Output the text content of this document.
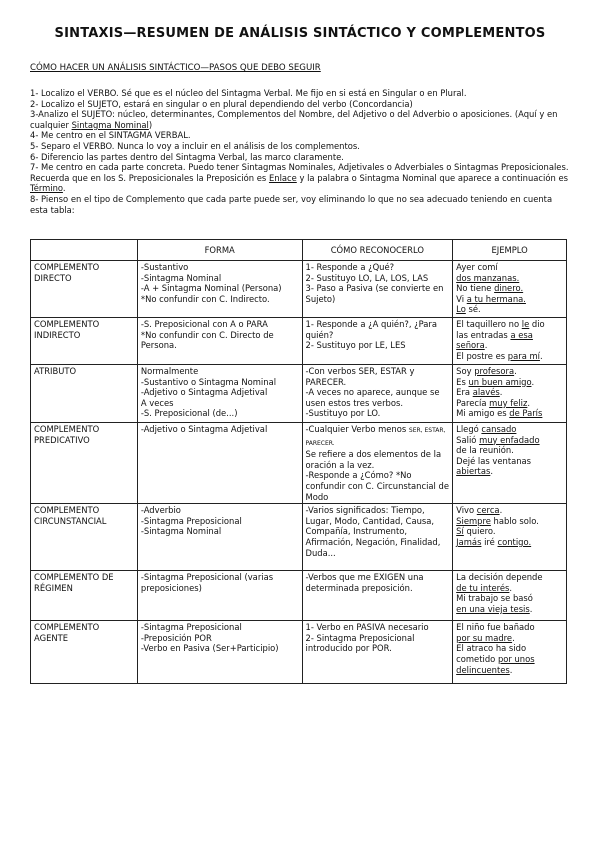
SINTAXIS—RESUMEN DE ANÁLISIS SINTÁCTICO Y COMPLEMENTOS
CÓMO HACER UN ANÁLISIS SINTÁCTICO—PASOS QUE DEBO SEGUIR

1- Localizo el VERBO. Sé que es el núcleo del Sintagma Verbal. Me fijo en si está en Singular o en Plural.

2- Localizo el SUJETO, estará en singular o en plural dependiendo del verbo (Concordancia)

3-Analizo el SUJETO: núcleo, determinantes, Complementos del Nombre, del Adjetivo o del Adverbio o aposiciones. (Aquí y en cualquier Sintagma Nominal)

4- Me centro en el SINTAGMA VERBAL.

5- Separo el VERBO. Nunca lo voy a incluir en el análisis de los complementos.

6- Diferencio las partes dentro del Sintagma Verbal, las marco claramente.

7- Me centro en cada parte concreta. Puedo tener Sintagmas Nominales, Adjetivales o Adverbiales o Sintagmas Preposicionales. Recuerda que en los S. Preposicionales la Preposición es Enlace y la palabra o Sintagma Nominal que aparece a continuación es Término.

8- Pienso en el tipo de Complemento que cada parte puede ser, voy eliminando lo que no sea adecuado teniendo en cuenta esta tabla:

	FORMA	CÓMO RECONOCERLO	EJEMPLO
COMPLEMENTO DIRECTO	-Sustantivo
-Sintagma Nominal
-A + Sintagma Nominal (Persona)
*No confundir con C. Indirecto.	1- Responde a ¿Qué?
2- Sustituyo LO, LA, LOS, LAS
3- Paso a Pasiva (se convierte en Sujeto)	Ayer comí
dos manzanas.
No tiene dinero.
Vi a tu hermana.
Lo sé.

COMPLEMENTO INDIRECTO	-S. Preposicional con A o PARA
*No confundir con C. Directo de Persona.	1- Responde a ¿A quién?, ¿Para quién?
2- Sustituyo por LE, LES	El taquillero no le dio
las entradas a esa
señora.
El postre es para mí.

ATRIBUTO	Normalmente
-Sustantivo o Sintagma Nominal
-Adjetivo o Sintagma Adjetival
A veces
-S. Preposicional (de...)	-Con verbos SER, ESTAR y PARECER.
-A veces no aparece, aunque se usen estos tres verbos.
-Sustituyo por LO.	Soy profesora.
Es un buen amigo.
Era alavés.
Parecía muy feliz.
Mi amigo es de París

COMPLEMENTO PREDICATIVO	-Adjetivo o Sintagma Adjetival	-Cualquier Verbo menos SER, ESTAR, PARECER.
Se refiere a dos elementos de la oración a la vez.
-Responde a ¿Cómo? *No confundir con C. Circunstancial de Modo	Llegó cansado
Salió muy enfadado
de la reunión.
Dejé las ventanas
abiertas.

COMPLEMENTO CIRCUNSTANCIAL	-Adverbio
-Sintagma Preposicional
-Sintagma Nominal	-Varios significados: Tiempo, Lugar, Modo, Cantidad, Causa, Compañía, Instrumento, Afirmación, Negación, Finalidad, Duda...	Vivo cerca.
Siempre hablo solo.
Sí quiero.
Jamás iré contigo.

COMPLEMENTO DE RÉGIMEN	-Sintagma Preposicional (varias preposiciones)	-Verbos que me EXIGEN una determinada preposición.	La decisión depende
de tu interés.
Mi trabajo se basó
en una vieja tesis.

COMPLEMENTO AGENTE	-Sintagma Preposicional
-Preposición POR
-Verbo en Pasiva (Ser+Participio)	1- Verbo en PASIVA necesario
2- Sintagma Preposicional introducido por POR.	El niño fue bañado
por su madre.
El atraco ha sido
cometido por unos
delincuentes.
